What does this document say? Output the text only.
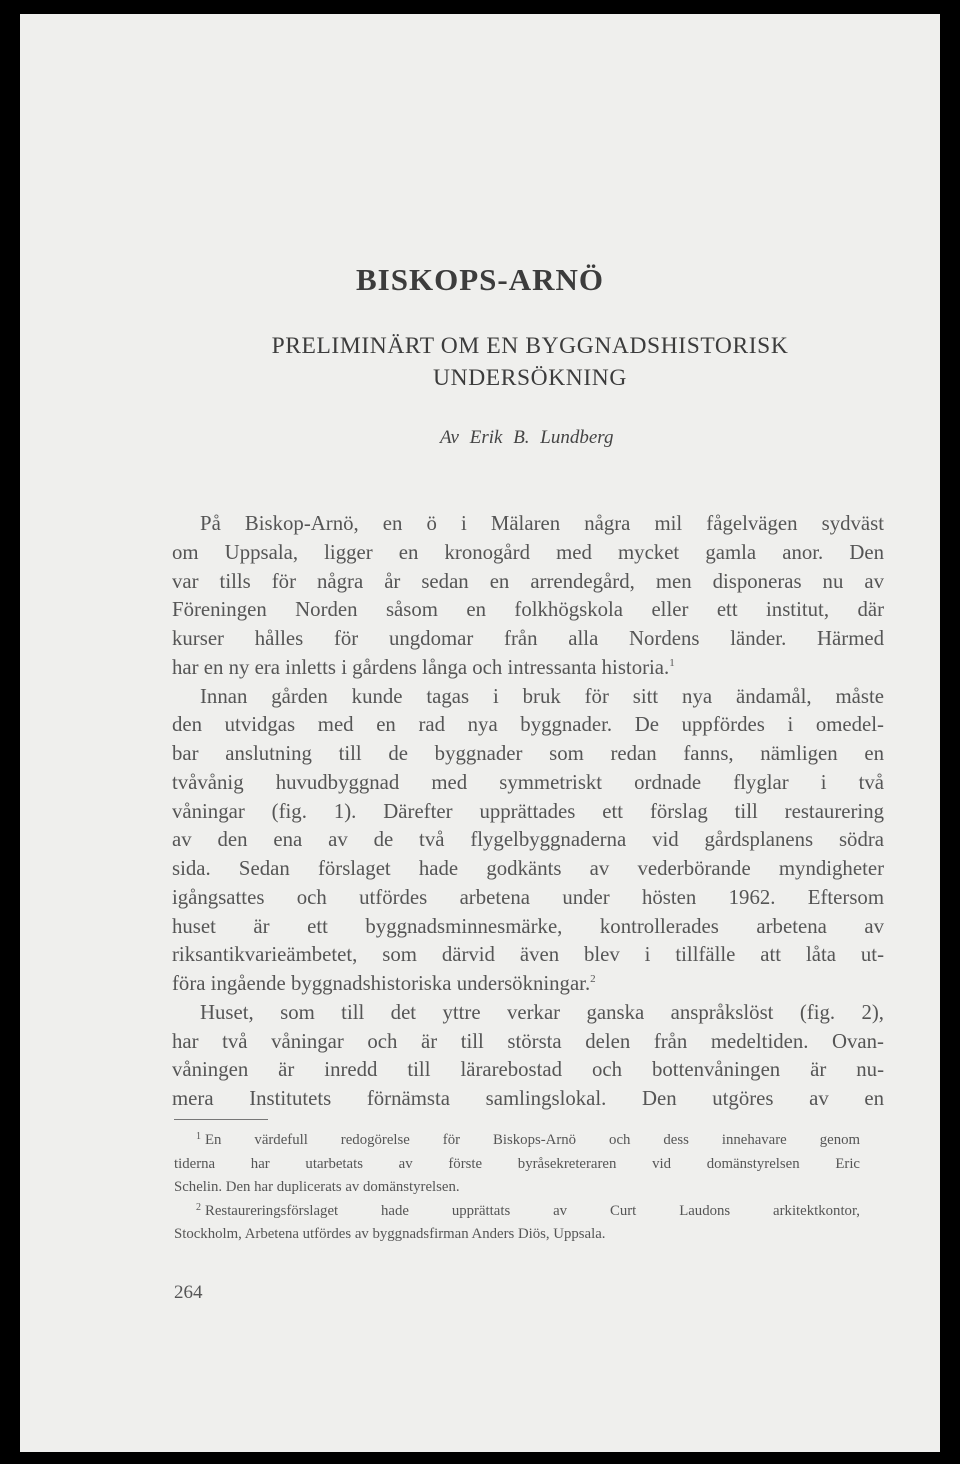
BISKOPS-ARNÖ
PRELIMINÄRT OM EN BYGGNADSHISTORISK
UNDERSÖKNING
Av Erik B. Lundberg
På Biskop-Arnö, en ö i Mälaren några mil fågelvägen sydväst
om Uppsala, ligger en kronogård med mycket gamla anor. Den
var tills för några år sedan en arrendegård, men disponeras nu av
Föreningen Norden såsom en folkhögskola eller ett institut, där
kurser hålles för ungdomar från alla Nordens länder. Härmed
har en ny era inletts i gårdens långa och intressanta historia.$^1$
Innan gården kunde tagas i bruk för sitt nya ändamål, måste
den utvidgas med en rad nya byggnader. De uppfördes i omedel-
bar anslutning till de byggnader som redan fanns, nämligen en
tvåvånig huvudbyggnad med symmetriskt ordnade flyglar i två
våningar (fig. 1). Därefter upprättades ett förslag till restaurering
av den ena av de två flygelbyggnaderna vid gårdsplanens södra
sida. Sedan förslaget hade godkänts av vederbörande myndigheter
igångsattes och utfördes arbetena under hösten 1962. Eftersom
huset är ett byggnadsminnesmärke, kontrollerades arbetena av
riksantikvarieämbetet, som därvid även blev i tillfälle att låta ut-
föra ingående byggnadshistoriska undersökningar.$^2$
Huset, som till det yttre verkar ganska anspråkslöst (fig. 2),
har två våningar och är till största delen från medeltiden. Ovan-
våningen är inredd till lärarebostad och bottenvåningen är nu-
mera Institutets förnämsta samlingslokal. Den utgöres av en
$^1$ En värdefull redogörelse för Biskops-Arnö och dess innehavare genom
tiderna har utarbetats av förste byråsekreteraren vid domänstyrelsen Eric
Schelin. Den har duplicerats av domänstyrelsen.
$^2$ Restaureringsförslaget hade upprättats av Curt Laudons arkitektkontor,
Stockholm, Arbetena utfördes av byggnadsfirman Anders Diös, Uppsala.
264
